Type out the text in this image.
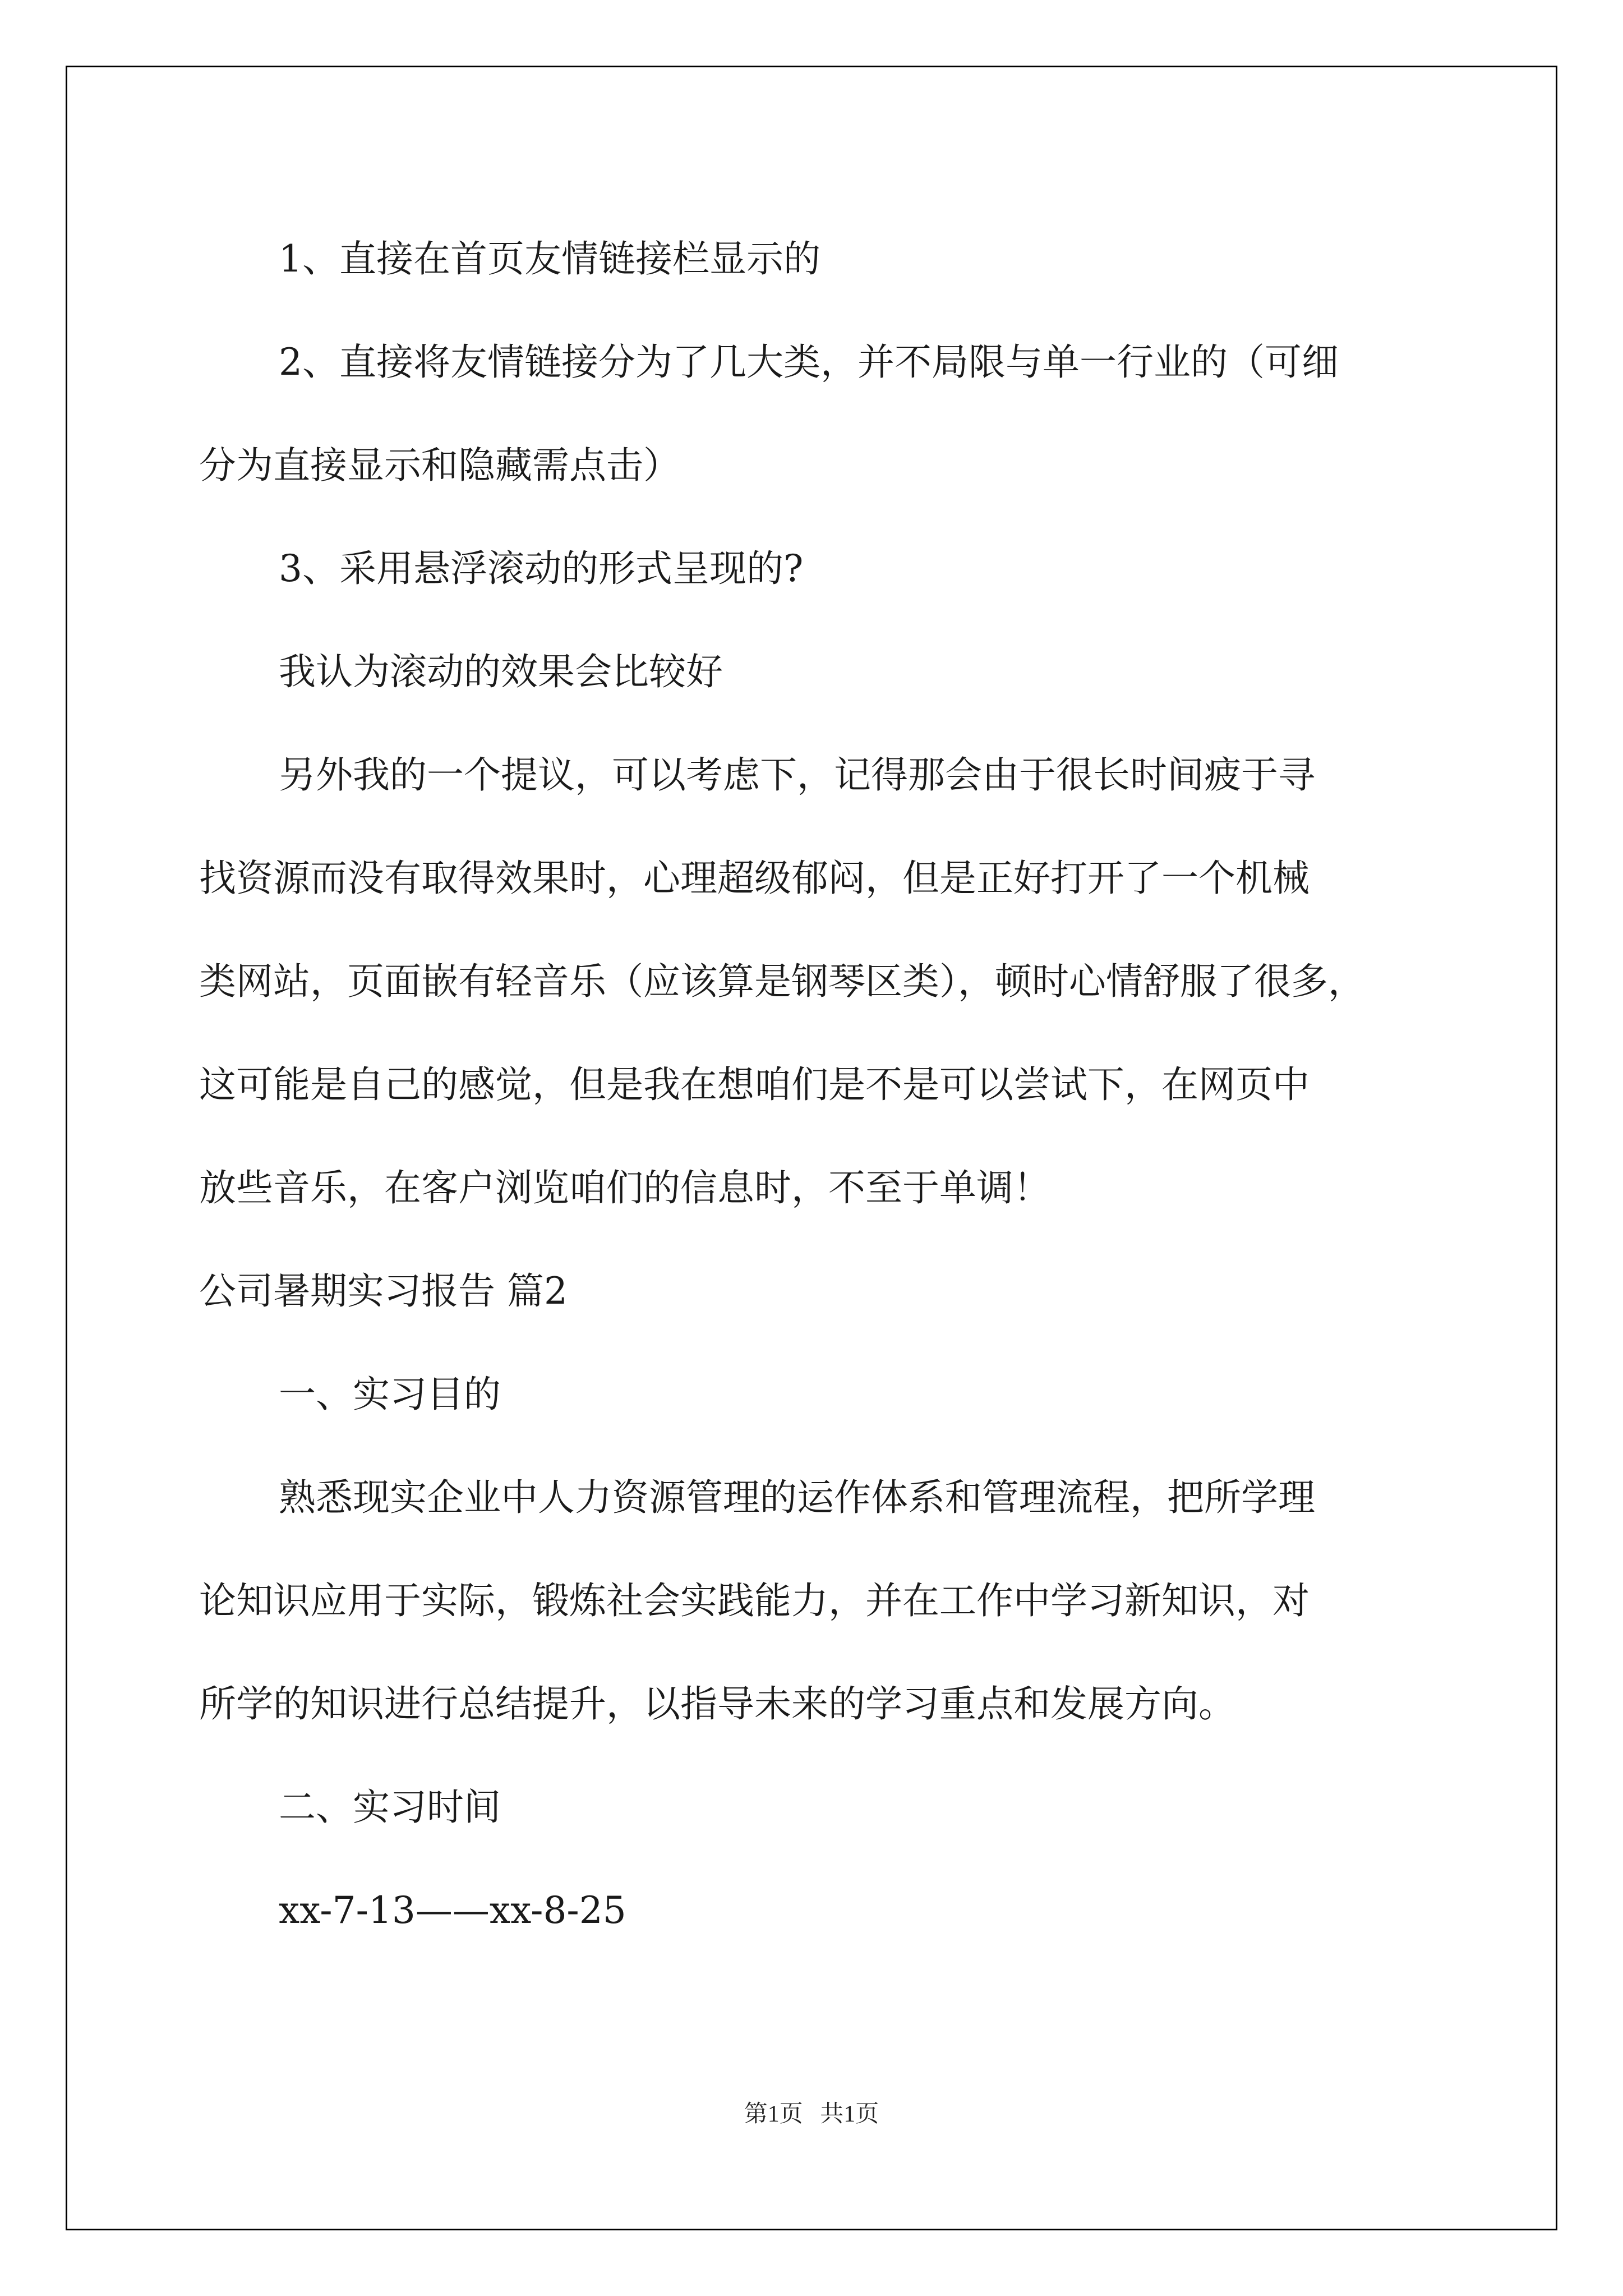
1、直接在首页友情链接栏显示的

2、直接将友情链接分为了几大类，并不局限与单一行业的（可细

分为直接显示和隐藏需点击）

3、采用悬浮滚动的形式呈现的?

我认为滚动的效果会比较好

另外我的一个提议，可以考虑下，记得那会由于很长时间疲于寻

找资源而没有取得效果时，心理超级郁闷，但是正好打开了一个机械

类网站，页面嵌有轻音乐（应该算是钢琴区类），顿时心情舒服了很多，

这可能是自己的感觉，但是我在想咱们是不是可以尝试下，在网页中

放些音乐，在客户浏览咱们的信息时，不至于单调！

公司暑期实习报告 篇2

一、实习目的

熟悉现实企业中人力资源管理的运作体系和管理流程，把所学理

论知识应用于实际，锻炼社会实践能力，并在工作中学习新知识，对

所学的知识进行总结提升，以指导未来的学习重点和发展方向。

二、实习时间

xx-7-13——xx-8-25

第1页 共1页
